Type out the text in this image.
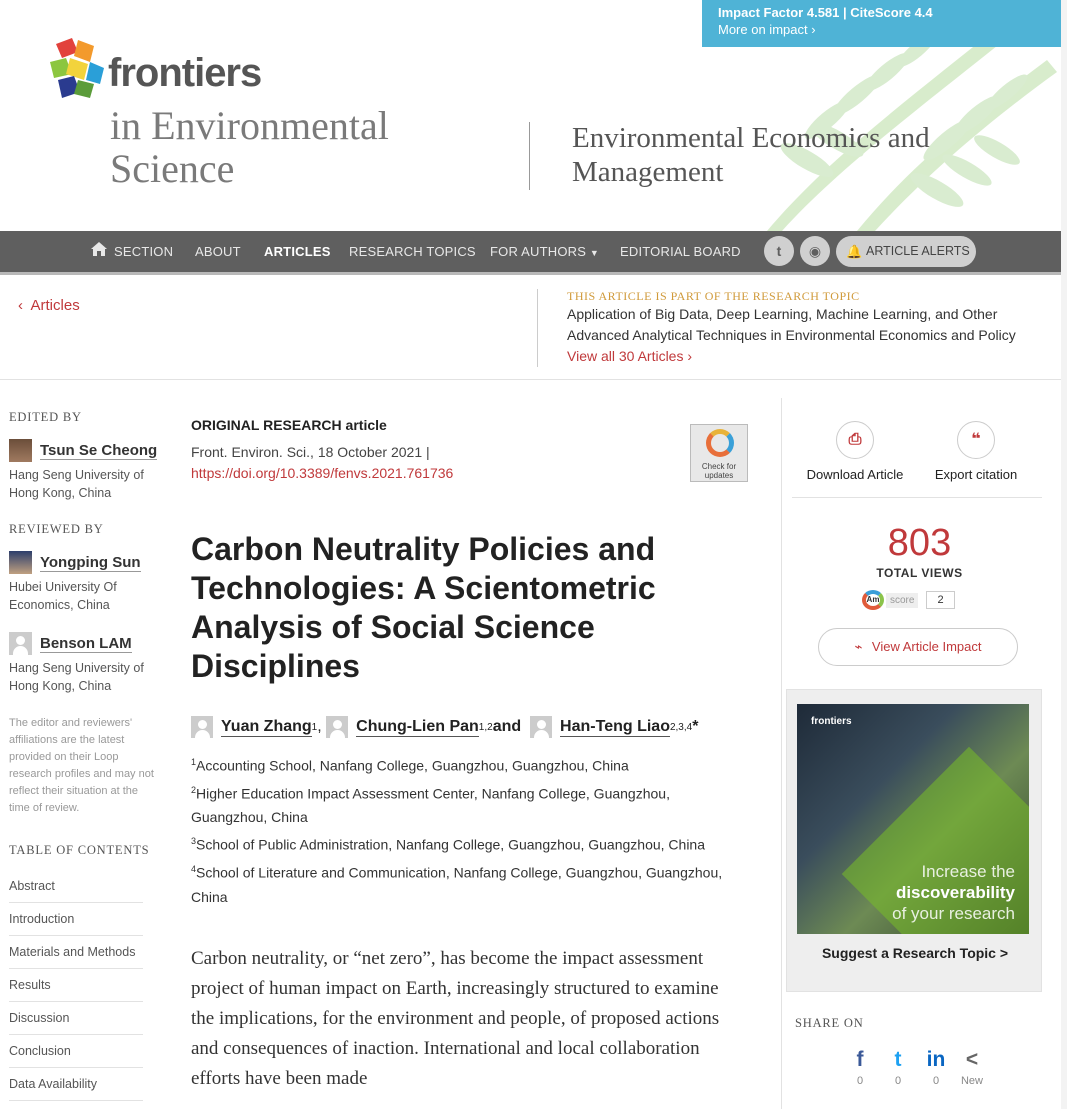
frontiers
in Environmental
Science
Environmental Economics and
Management
Impact Factor 4.581 | CiteScore 4.4
More on impact ›
SECTION ABOUT ARTICLES RESEARCH TOPICS FOR AUTHORS ▼ EDITORIAL BOARD	t	◉	🔔 ARTICLE ALERTS
‹ Articles
THIS ARTICLE IS PART OF THE RESEARCH TOPIC
Application of Big Data, Deep Learning, Machine Learning, and Other Advanced Analytical Techniques in Environmental Economics and Policy View all 30 Articles ›
EDITED BY
Tsun Se Cheong
Hang Seng University of Hong Kong, China
REVIEWED BY
Yongping Sun
Hubei University Of Economics, China
Benson LAM
Hang Seng University of Hong Kong, China
The editor and reviewers' affiliations are the latest provided on their Loop research profiles and may not reflect their situation at the time of review.
TABLE OF CONTENTS
Abstract
Introduction
Materials and Methods
Results
Discussion
Conclusion
Data Availability
ORIGINAL RESEARCH article
Front. Environ. Sci., 18 October 2021 |
https://doi.org/10.3389/fenvs.2021.761736	Check for
updates
Carbon Neutrality Policies and Technologies: A Scientometric Analysis of Social Science Disciplines
Yuan Zhang 1 ,
Chung-Lien Pan 1,2 and
Han-Teng Liao 2,3,4 *
$^1$Accounting School, Nanfang College, Guangzhou, Guangzhou, China
$^2$Higher Education Impact Assessment Center, Nanfang College, Guangzhou, Guangzhou, China
$^3$School of Public Administration, Nanfang College, Guangzhou, Guangzhou, China
$^4$School of Literature and Communication, Nanfang College, Guangzhou, Guangzhou, China

Carbon neutrality, or “net zero”, has become the impact assessment project of human impact on Earth, increasingly structured to examine the implications, for the environment and people, of proposed actions and consequences of inaction. International and local collaboration efforts have been made

⎙
Download Article
❝
Export citation
803
TOTAL VIEWS
Am	score	2
⌁ View Article Impact
frontiers
Increase the
discoverability
of your research
Suggest a Research Topic >
SHARE ON
f
0
t
0
in
0
<
New
